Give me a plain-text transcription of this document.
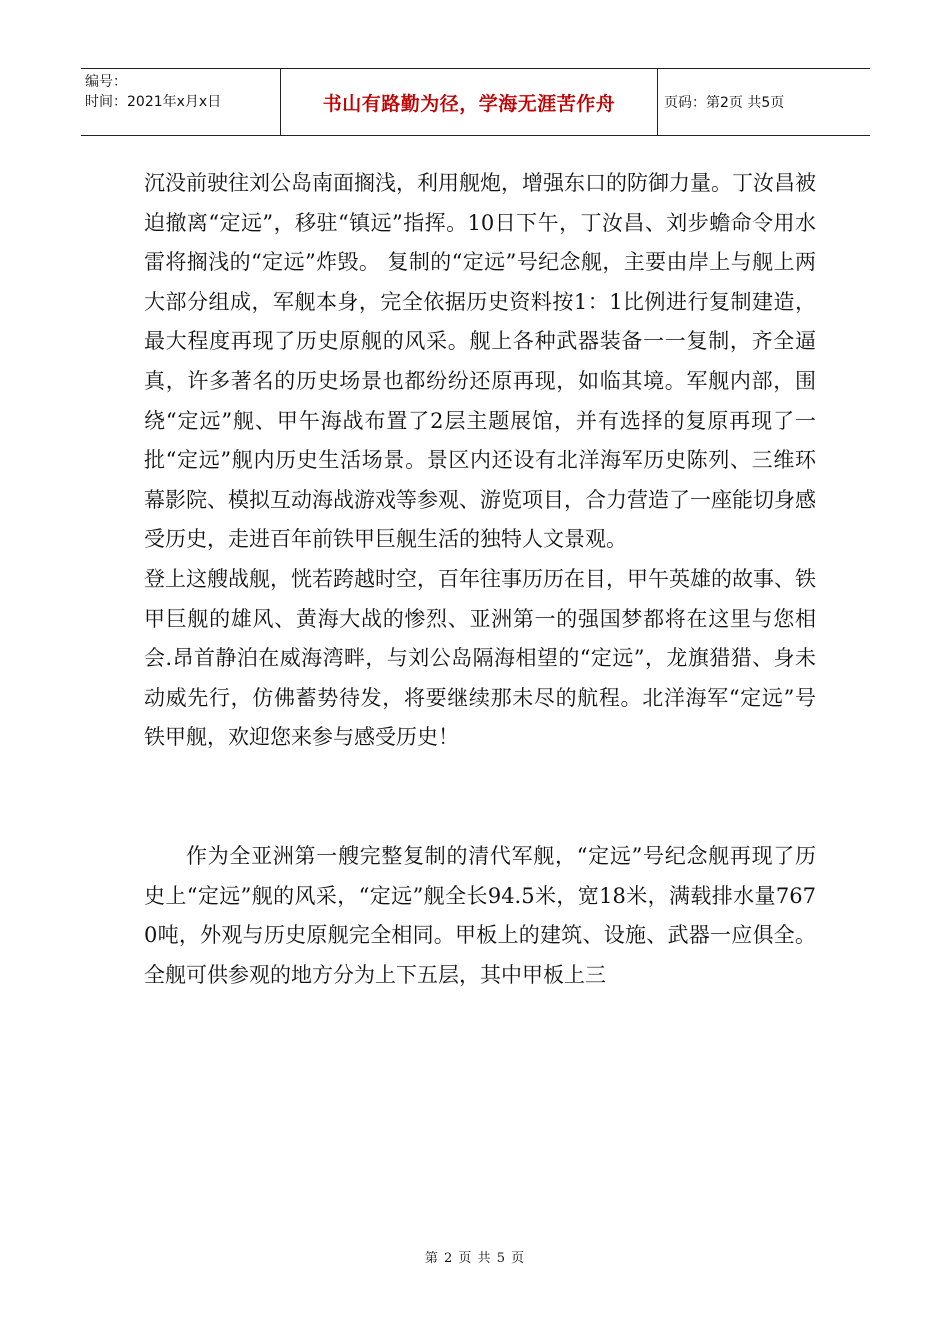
编号：
时间：2021年x月x日	书山有路勤为径，学海无涯苦作舟	页码：第2页 共5页

沉没前驶往刘公岛南面搁浅，利用舰炮，增强东口的防御力量。丁汝昌被迫撤离“定远”，移驻“镇远”指挥。10日下午，丁汝昌、刘步蟾命令用水雷将搁浅的“定远”炸毁。 复制的“定远”号纪念舰，主要由岸上与舰上两大部分组成，军舰本身，完全依据历史资料按1：1比例进行复制建造，最大程度再现了历史原舰的风采。舰上各种武器装备一一复制，齐全逼真，许多著名的历史场景也都纷纷还原再现，如临其境。军舰内部，围绕“定远”舰、甲午海战布置了2层主题展馆，并有选择的复原再现了一批“定远”舰内历史生活场景。景区内还设有北洋海军历史陈列、三维环幕影院、模拟互动海战游戏等参观、游览项目，合力营造了一座能切身感受历史，走进百年前铁甲巨舰生活的独特人文景观。

登上这艘战舰，恍若跨越时空，百年往事历历在目，甲午英雄的故事、铁甲巨舰的雄风、黄海大战的惨烈、亚洲第一的强国梦都将在这里与您相会.昂首静泊在威海湾畔，与刘公岛隔海相望的“定远”，龙旗猎猎、身未动威先行，仿佛蓄势待发，将要继续那未尽的航程。北洋海军“定远”号铁甲舰，欢迎您来参与感受历史！

作为全亚洲第一艘完整复制的清代军舰，“定远”号纪念舰再现了历史上“定远”舰的风采，“定远”舰全长94.5米，宽18米，满载排水量7670吨，外观与历史原舰完全相同。甲板上的建筑、设施、武器一应俱全。全舰可供参观的地方分为上下五层，其中甲板上三

第 2 页 共 5 页
